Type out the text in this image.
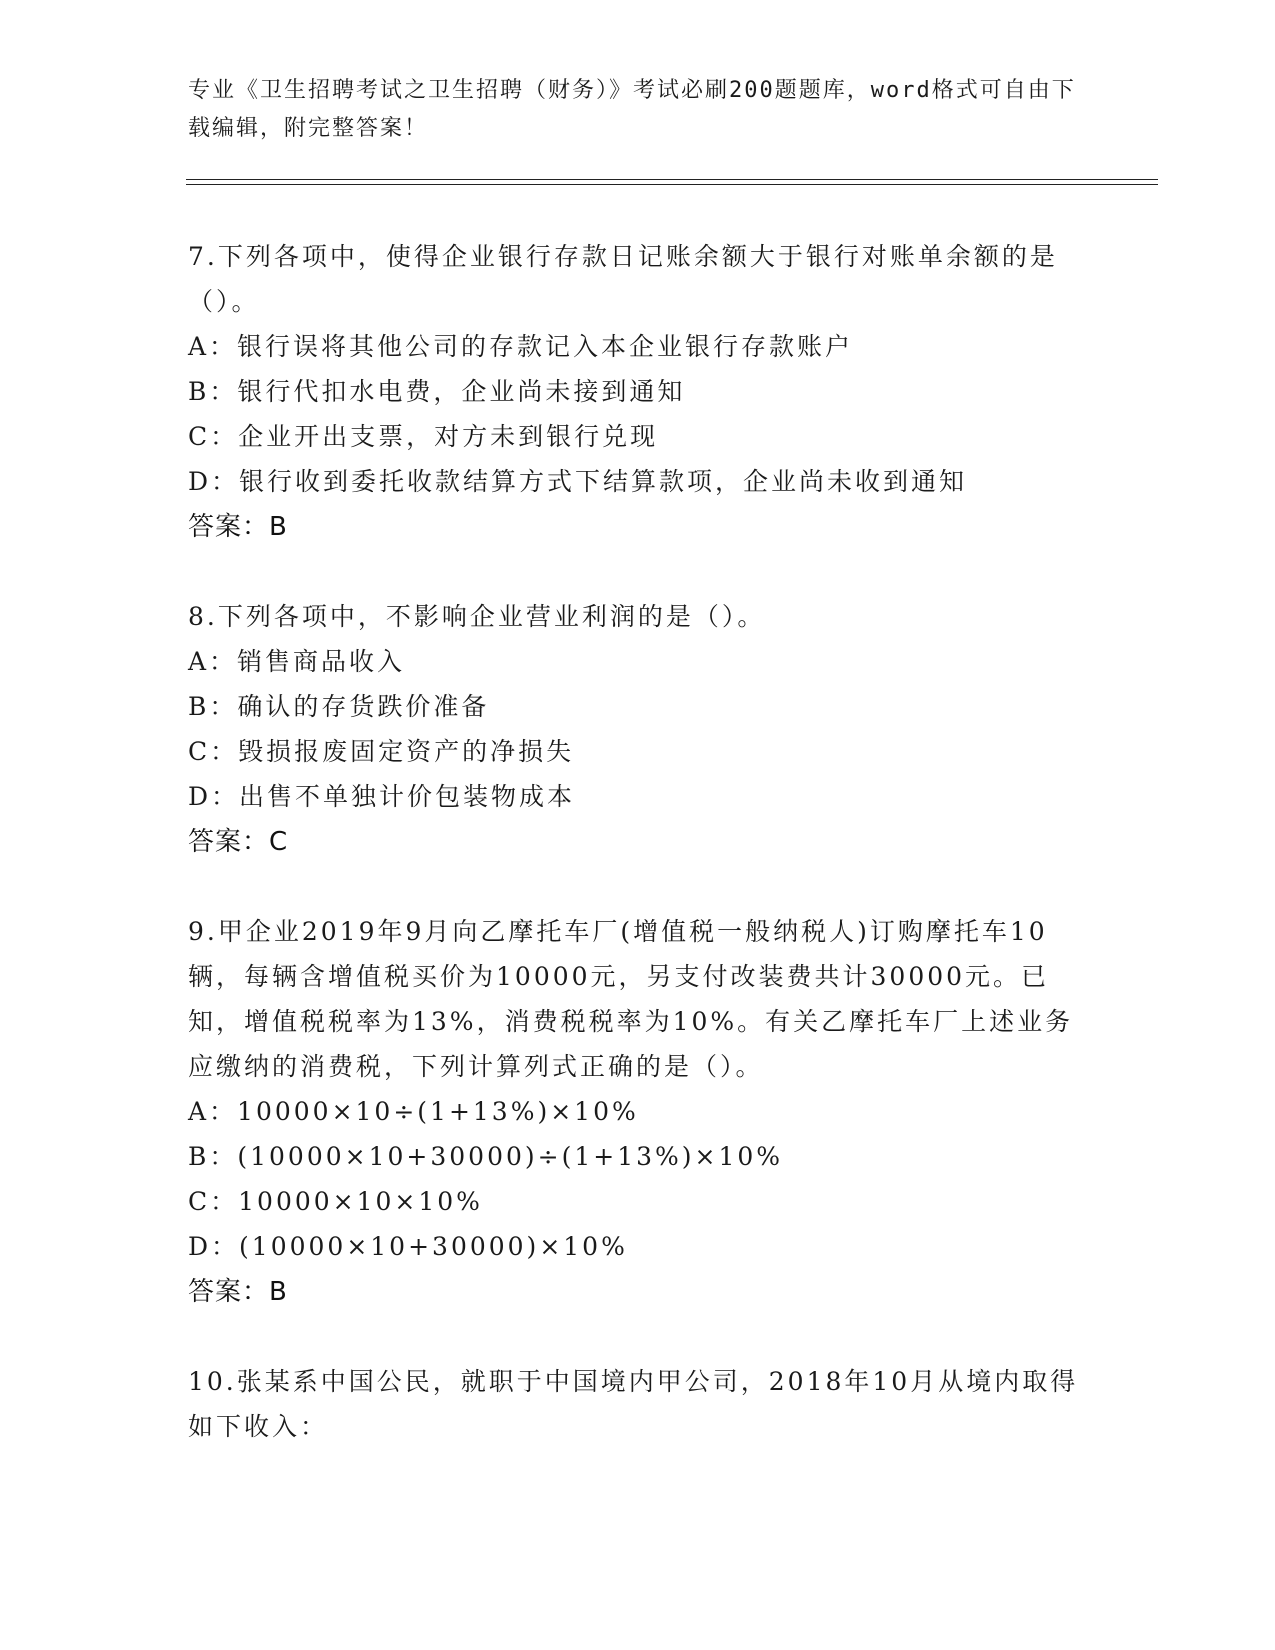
专业《卫生招聘考试之卫生招聘（财务）》考试必刷200题题库，word格式可自由下载编辑，附完整答案！
7.下列各项中，使得企业银行存款日记账余额大于银行对账单余额的是（）。
A：银行误将其他公司的存款记入本企业银行存款账户
B：银行代扣水电费，企业尚未接到通知
C：企业开出支票，对方未到银行兑现
D：银行收到委托收款结算方式下结算款项，企业尚未收到通知
答案：B
8.下列各项中，不影响企业营业利润的是（）。
A：销售商品收入
B：确认的存货跌价准备
C：毁损报废固定资产的净损失
D：出售不单独计价包装物成本
答案：C
9.甲企业2019年9月向乙摩托车厂(增值税一般纳税人)订购摩托车10辆，每辆含增值税买价为10000元，另支付改装费共计30000元。已知，增值税税率为13%，消费税税率为10%。有关乙摩托车厂上述业务应缴纳的消费税，下列计算列式正确的是（）。
A：10000×10÷(1+13%)×10%
B：(10000×10+30000)÷(1+13%)×10%
C：10000×10×10%
D：(10000×10+30000)×10%
答案：B
10.张某系中国公民，就职于中国境内甲公司，2018年10月从境内取得如下收入：
